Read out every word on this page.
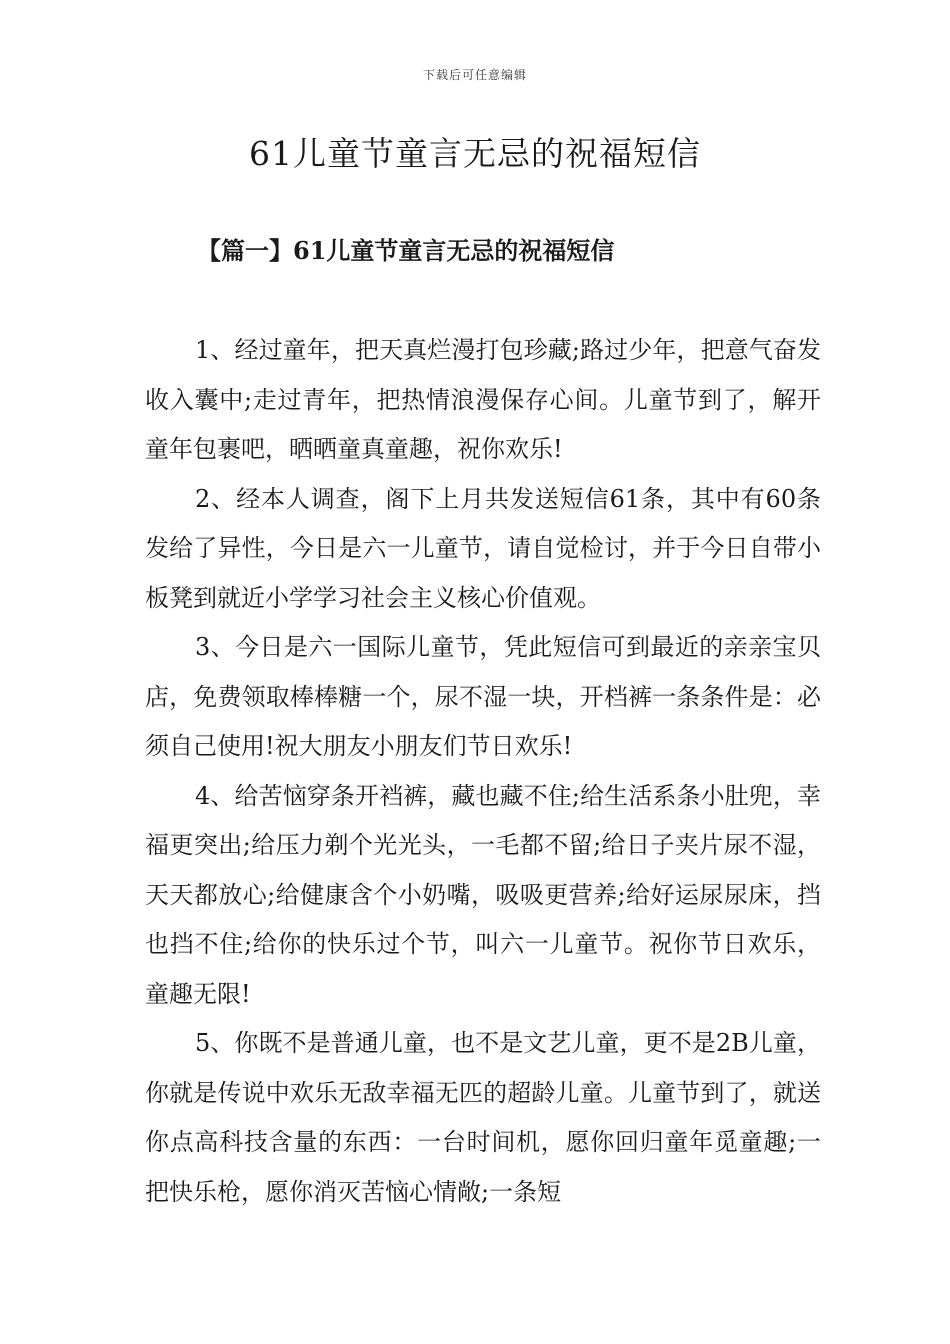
下载后可任意编辑
61儿童节童言无忌的祝福短信
【篇一】61儿童节童言无忌的祝福短信

1、经过童年，把天真烂漫打包珍藏;路过少年，把意气奋发收入囊中;走过青年，把热情浪漫保存心间。儿童节到了，解开童年包裹吧，晒晒童真童趣，祝你欢乐!

2、经本人调查，阁下上月共发送短信61条，其中有60条发给了异性，今日是六一儿童节，请自觉检讨，并于今日自带小板凳到就近小学学习社会主义核心价值观。

3、今日是六一国际儿童节，凭此短信可到最近的亲亲宝贝店，免费领取棒棒糖一个，尿不湿一块，开档裤一条条件是：必须自己使用!祝大朋友小朋友们节日欢乐!

4、给苦恼穿条开裆裤，藏也藏不住;给生活系条小肚兜，幸福更突出;给压力剃个光光头，一毛都不留;给日子夹片尿不湿，天天都放心;给健康含个小奶嘴，吸吸更营养;给好运尿尿床，挡也挡不住;给你的快乐过个节，叫六一儿童节。祝你节日欢乐，童趣无限!

5、你既不是普通儿童，也不是文艺儿童，更不是2B儿童，你就是传说中欢乐无敌幸福无匹的超龄儿童。儿童节到了，就送你点高科技含量的东西：一台时间机，愿你回归童年觅童趣;一把快乐枪，愿你消灭苦恼心情敞;一条短
